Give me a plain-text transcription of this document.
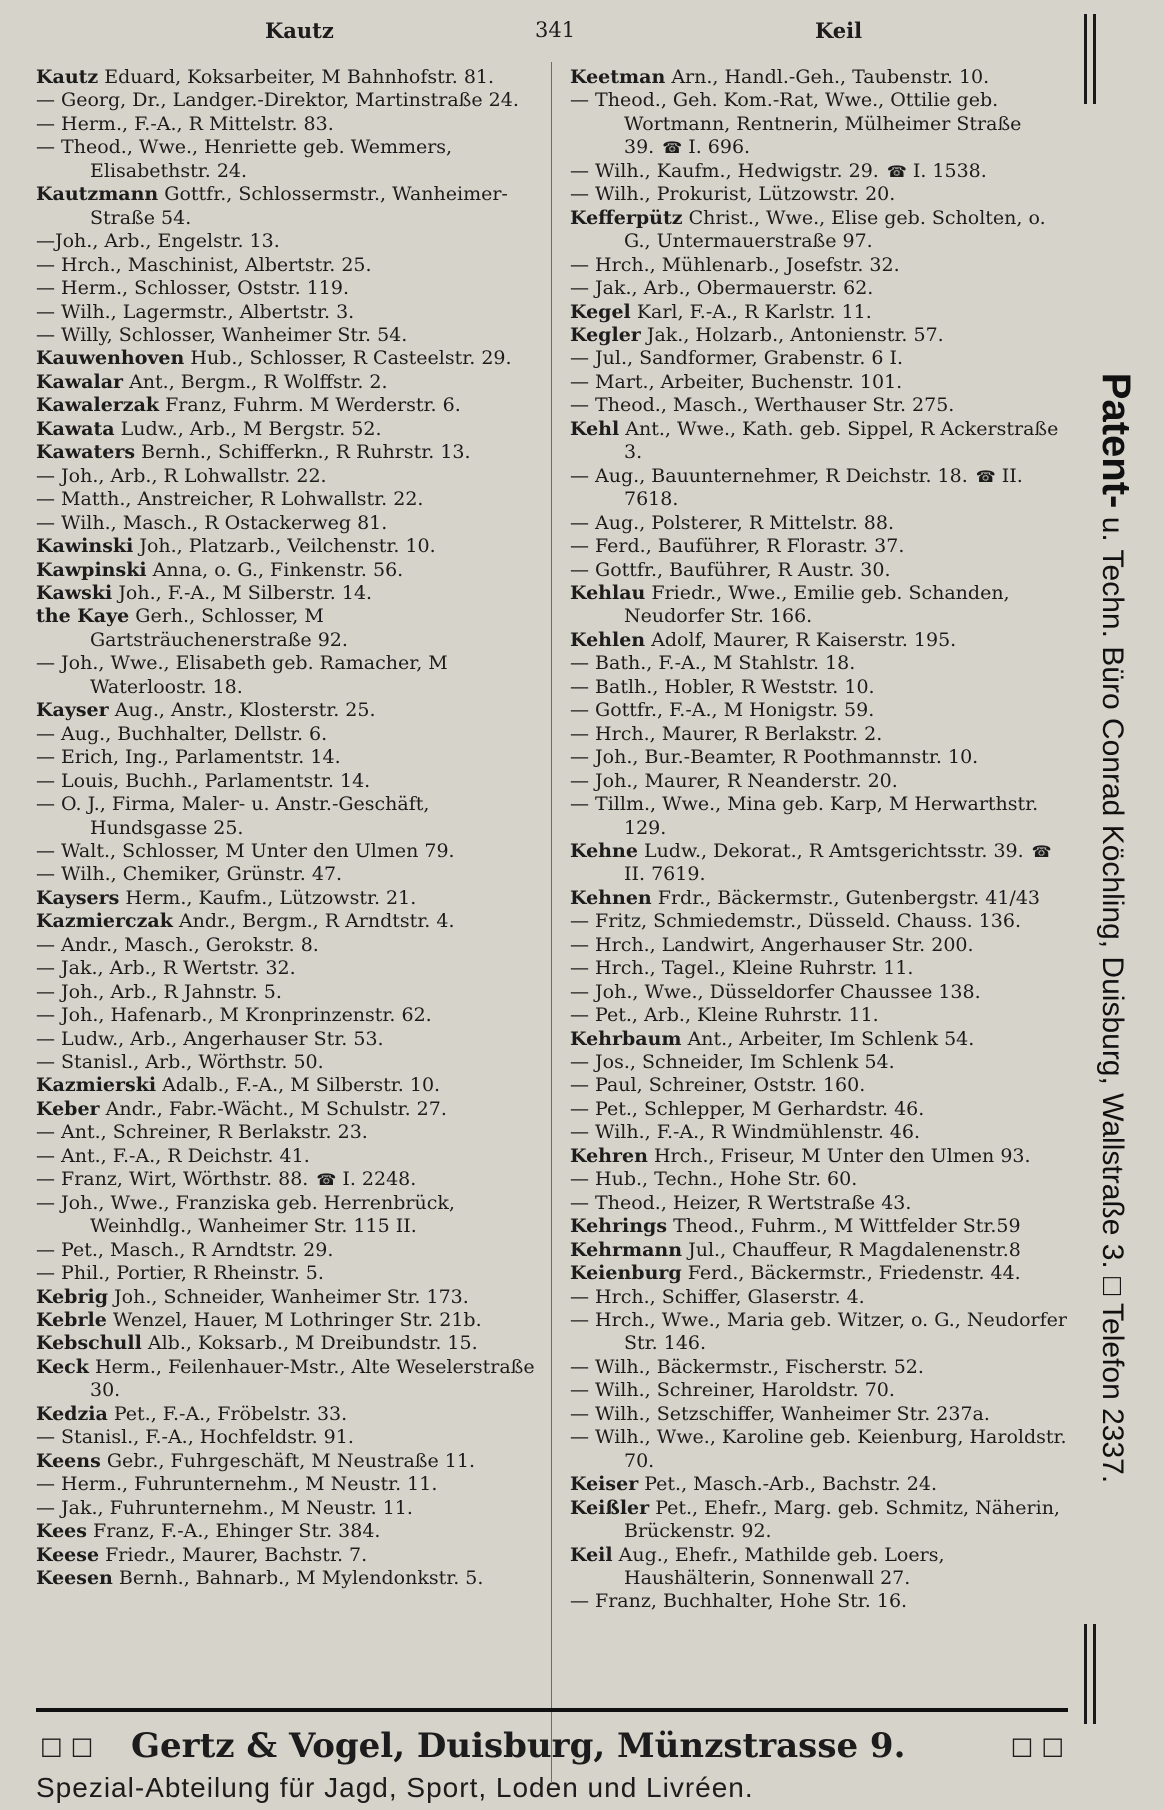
Kautz	341	Keil
Kautz Eduard, Koksarbeiter, M Bahnhofstr. 81.
— Georg, Dr., Landger.-Direktor, Martinstraße 24.
— Herm., F.-A., R Mittelstr. 83.
— Theod., Wwe., Henriette geb. Wemmers, Elisabethstr. 24.
Kautzmann Gottfr., Schlossermstr., Wanheimer-Straße 54.
—Joh., Arb., Engelstr. 13.
— Hrch., Maschinist, Albertstr. 25.
— Herm., Schlosser, Oststr. 119.
— Wilh., Lagermstr., Albertstr. 3.
— Willy, Schlosser, Wanheimer Str. 54.
Kauwenhoven Hub., Schlosser, R Casteelstr. 29.
Kawalar Ant., Bergm., R Wolffstr. 2.
Kawalerzak Franz, Fuhrm. M Werderstr. 6.
Kawata Ludw., Arb., M Bergstr. 52.
Kawaters Bernh., Schifferkn., R Ruhrstr. 13.
— Joh., Arb., R Lohwallstr. 22.
— Matth., Anstreicher, R Lohwallstr. 22.
— Wilh., Masch., R Ostackerweg 81.
Kawinski Joh., Platzarb., Veilchenstr. 10.
Kawpinski Anna, o. G., Finkenstr. 56.
Kawski Joh., F.-A., M Silberstr. 14.
the Kaye Gerh., Schlosser, M Gartsträuchenerstraße 92.
— Joh., Wwe., Elisabeth geb. Ramacher, M Waterloostr. 18.
Kayser Aug., Anstr., Klosterstr. 25.
— Aug., Buchhalter, Dellstr. 6.
— Erich, Ing., Parlamentstr. 14.
— Louis, Buchh., Parlamentstr. 14.
— O. J., Firma, Maler- u. Anstr.-Geschäft, Hundsgasse 25.
— Walt., Schlosser, M Unter den Ulmen 79.
— Wilh., Chemiker, Grünstr. 47.
Kaysers Herm., Kaufm., Lützowstr. 21.
Kazmierczak Andr., Bergm., R Arndtstr. 4.
— Andr., Masch., Gerokstr. 8.
— Jak., Arb., R Wertstr. 32.
— Joh., Arb., R Jahnstr. 5.
— Joh., Hafenarb., M Kronprinzenstr. 62.
— Ludw., Arb., Angerhauser Str. 53.
— Stanisl., Arb., Wörthstr. 50.
Kazmierski Adalb., F.-A., M Silberstr. 10.
Keber Andr., Fabr.-Wächt., M Schulstr. 27.
— Ant., Schreiner, R Berlakstr. 23.
— Ant., F.-A., R Deichstr. 41.
— Franz, Wirt, Wörthstr. 88. ☎ I. 2248.
— Joh., Wwe., Franziska geb. Herrenbrück, Weinhdlg., Wanheimer Str. 115 II.
— Pet., Masch., R Arndtstr. 29.
— Phil., Portier, R Rheinstr. 5.
Kebrig Joh., Schneider, Wanheimer Str. 173.
Kebrle Wenzel, Hauer, M Lothringer Str. 21b.
Kebschull Alb., Koksarb., M Dreibundstr. 15.
Keck Herm., Feilenhauer-Mstr., Alte Weselerstraße 30.
Kedzia Pet., F.-A., Fröbelstr. 33.
— Stanisl., F.-A., Hochfeldstr. 91.
Keens Gebr., Fuhrgeschäft, M Neustraße 11.
— Herm., Fuhrunternehm., M Neustr. 11.
— Jak., Fuhrunternehm., M Neustr. 11.
Kees Franz, F.-A., Ehinger Str. 384.
Keese Friedr., Maurer, Bachstr. 7.
Keesen Bernh., Bahnarb., M Mylendonkstr. 5.
Keetman Arn., Handl.-Geh., Taubenstr. 10.
— Theod., Geh. Kom.-Rat, Wwe., Ottilie geb. Wortmann, Rentnerin, Mülheimer Straße 39. ☎ I. 696.
— Wilh., Kaufm., Hedwigstr. 29. ☎ I. 1538.
— Wilh., Prokurist, Lützowstr. 20.
Kefferpütz Christ., Wwe., Elise geb. Scholten, o. G., Untermauerstraße 97.
— Hrch., Mühlenarb., Josefstr. 32.
— Jak., Arb., Obermauerstr. 62.
Kegel Karl, F.-A., R Karlstr. 11.
Kegler Jak., Holzarb., Antonienstr. 57.
— Jul., Sandformer, Grabenstr. 6 I.
— Mart., Arbeiter, Buchenstr. 101.
— Theod., Masch., Werthauser Str. 275.
Kehl Ant., Wwe., Kath. geb. Sippel, R Ackerstraße 3.
— Aug., Bauunternehmer, R Deichstr. 18. ☎ II. 7618.
— Aug., Polsterer, R Mittelstr. 88.
— Ferd., Bauführer, R Florastr. 37.
— Gottfr., Bauführer, R Austr. 30.
Kehlau Friedr., Wwe., Emilie geb. Schanden, Neudorfer Str. 166.
Kehlen Adolf, Maurer, R Kaiserstr. 195.
— Bath., F.-A., M Stahlstr. 18.
— Batlh., Hobler, R Weststr. 10.
— Gottfr., F.-A., M Honigstr. 59.
— Hrch., Maurer, R Berlakstr. 2.
— Joh., Bur.-Beamter, R Poothmannstr. 10.
— Joh., Maurer, R Neanderstr. 20.
— Tillm., Wwe., Mina geb. Karp, M Herwarthstr. 129.
Kehne Ludw., Dekorat., R Amtsgerichtsstr. 39. ☎ II. 7619.
Kehnen Frdr., Bäckermstr., Gutenbergstr. 41/43
— Fritz, Schmiedemstr., Düsseld. Chauss. 136.
— Hrch., Landwirt, Angerhauser Str. 200.
— Hrch., Tagel., Kleine Ruhrstr. 11.
— Joh., Wwe., Düsseldorfer Chaussee 138.
— Pet., Arb., Kleine Ruhrstr. 11.
Kehrbaum Ant., Arbeiter, Im Schlenk 54.
— Jos., Schneider, Im Schlenk 54.
— Paul, Schreiner, Oststr. 160.
— Pet., Schlepper, M Gerhardstr. 46.
— Wilh., F.-A., R Windmühlenstr. 46.
Kehren Hrch., Friseur, M Unter den Ulmen 93.
— Hub., Techn., Hohe Str. 60.
— Theod., Heizer, R Wertstraße 43.
Kehrings Theod., Fuhrm., M Wittfelder Str.59
Kehrmann Jul., Chauffeur, R Magdalenenstr.8
Keienburg Ferd., Bäckermstr., Friedenstr. 44.
— Hrch., Schiffer, Glaserstr. 4.
— Hrch., Wwe., Maria geb. Witzer, o. G., Neudorfer Str. 146.
— Wilh., Bäckermstr., Fischerstr. 52.
— Wilh., Schreiner, Haroldstr. 70.
— Wilh., Setzschiffer, Wanheimer Str. 237a.
— Wilh., Wwe., Karoline geb. Keienburg, Haroldstr. 70.
Keiser Pet., Masch.-Arb., Bachstr. 24.
Keißler Pet., Ehefr., Marg. geb. Schmitz, Näherin, Brückenstr. 92.
Keil Aug., Ehefr., Mathilde geb. Loers, Haushälterin, Sonnenwall 27.
— Franz, Buchhalter, Hohe Str. 16.
Patent- u. Techn. Büro Conrad Köchling, Duisburg, Wallstraße 3. □ Telefon 2337.
□□ Gertz & Vogel, Duisburg, Münzstrasse 9.	□□
Spezial-Abteilung für Jagd, Sport, Loden und Livréen.
